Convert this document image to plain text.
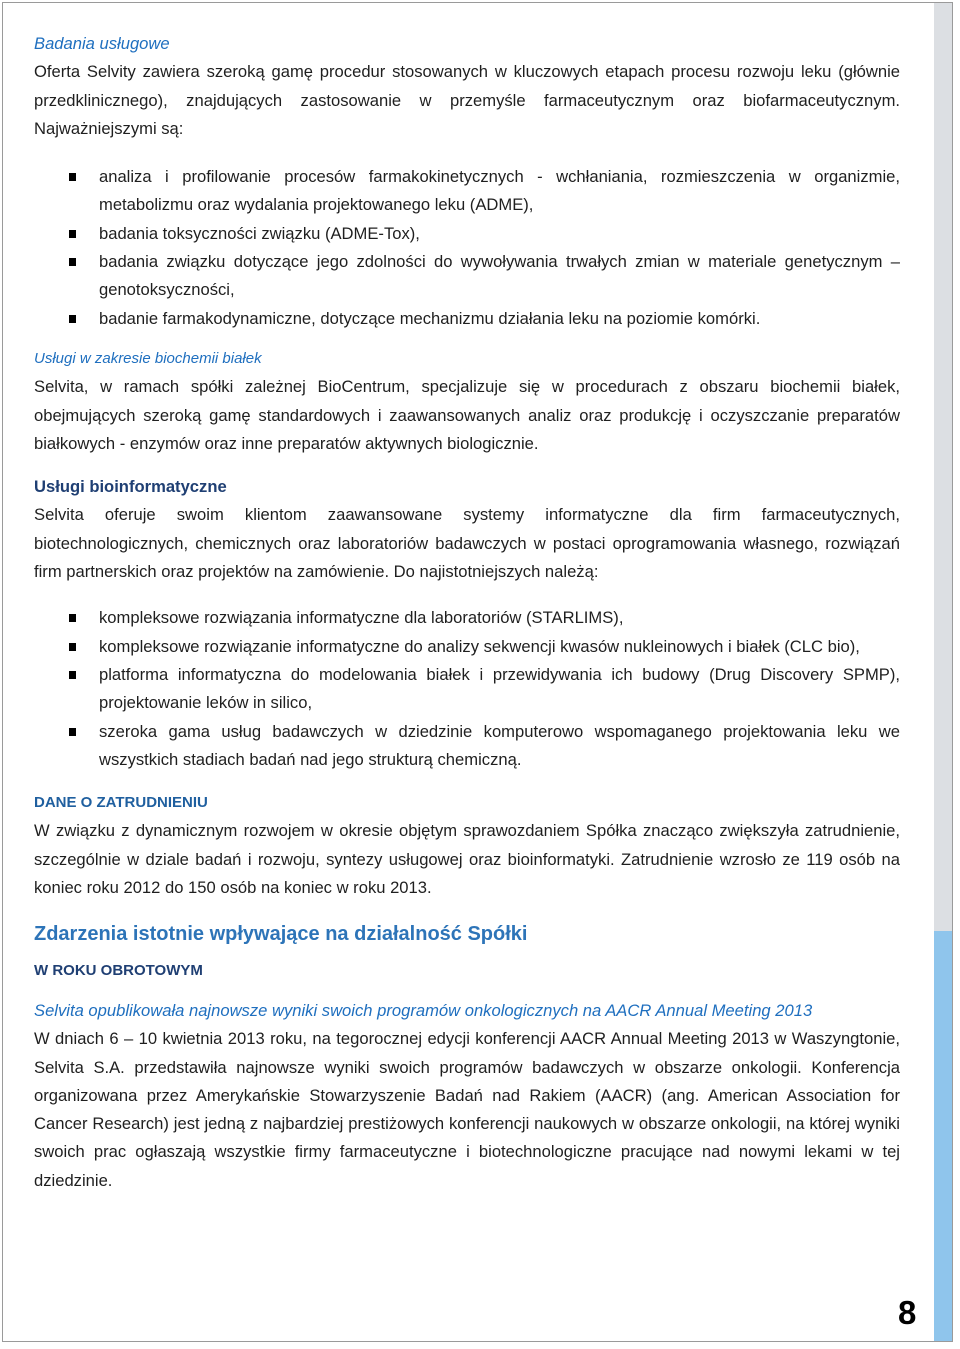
Badania usługowe

Oferta Selvity zawiera szeroką gamę procedur stosowanych w kluczowych etapach procesu rozwoju leku (głównie przedklinicznego), znajdujących zastosowanie w przemyśle farmaceutycznym oraz biofarmaceutycznym. Najważniejszymi są:

analiza i profilowanie procesów farmakokinetycznych - wchłaniania, rozmieszczenia w organizmie, metabolizmu oraz wydalania projektowanego leku (ADME),
badania toksyczności związku (ADME-Tox),
badania związku dotyczące jego zdolności do wywoływania trwałych zmian w materiale genetycznym – genotoksyczności,
badanie farmakodynamiczne, dotyczące mechanizmu działania leku na poziomie komórki.

Usługi w zakresie biochemii białek

Selvita, w ramach spółki zależnej BioCentrum, specjalizuje się w procedurach z obszaru biochemii białek, obejmujących szeroką gamę standardowych i zaawansowanych analiz oraz produkcję i oczyszczanie preparatów białkowych - enzymów oraz inne preparatów aktywnych biologicznie.

Usługi bioinformatyczne

Selvita oferuje swoim klientom zaawansowane systemy informatyczne dla firm farmaceutycznych, biotechnologicznych, chemicznych oraz laboratoriów badawczych w postaci oprogramowania własnego, rozwiązań firm partnerskich oraz projektów na zamówienie. Do najistotniejszych należą:

kompleksowe rozwiązania informatyczne dla laboratoriów (STARLIMS),
kompleksowe rozwiązanie informatyczne do analizy sekwencji kwasów nukleinowych i białek (CLC bio),
platforma informatyczna do modelowania białek i przewidywania ich budowy (Drug Discovery SPMP), projektowanie leków in silico,
szeroka gama usług badawczych w dziedzinie komputerowo wspomaganego projektowania leku we wszystkich stadiach badań nad jego strukturą chemiczną.

DANE O ZATRUDNIENIU

W związku z dynamicznym rozwojem w okresie objętym sprawozdaniem Spółka znacząco zwiększyła zatrudnienie, szczególnie w dziale badań i rozwoju, syntezy usługowej oraz bioinformatyki. Zatrudnienie wzrosło ze 119 osób na koniec roku 2012 do 150 osób na koniec w roku 2013.

Zdarzenia istotnie wpływające na działalność Spółki

W ROKU OBROTOWYM

Selvita opublikowała najnowsze wyniki swoich programów onkologicznych na AACR Annual Meeting 2013

W dniach 6 – 10 kwietnia 2013 roku, na tegorocznej edycji konferencji AACR Annual Meeting 2013 w Waszyngtonie, Selvita S.A. przedstawiła najnowsze wyniki swoich programów badawczych w obszarze onkologii. Konferencja organizowana przez Amerykańskie Stowarzyszenie Badań nad Rakiem (AACR) (ang. American Association for Cancer Research) jest jedną z najbardziej prestiżowych konferencji naukowych w obszarze onkologii, na której wyniki swoich prac ogłaszają wszystkie firmy farmaceutyczne i biotechnologiczne pracujące nad nowymi lekami w tej dziedzinie.

8
